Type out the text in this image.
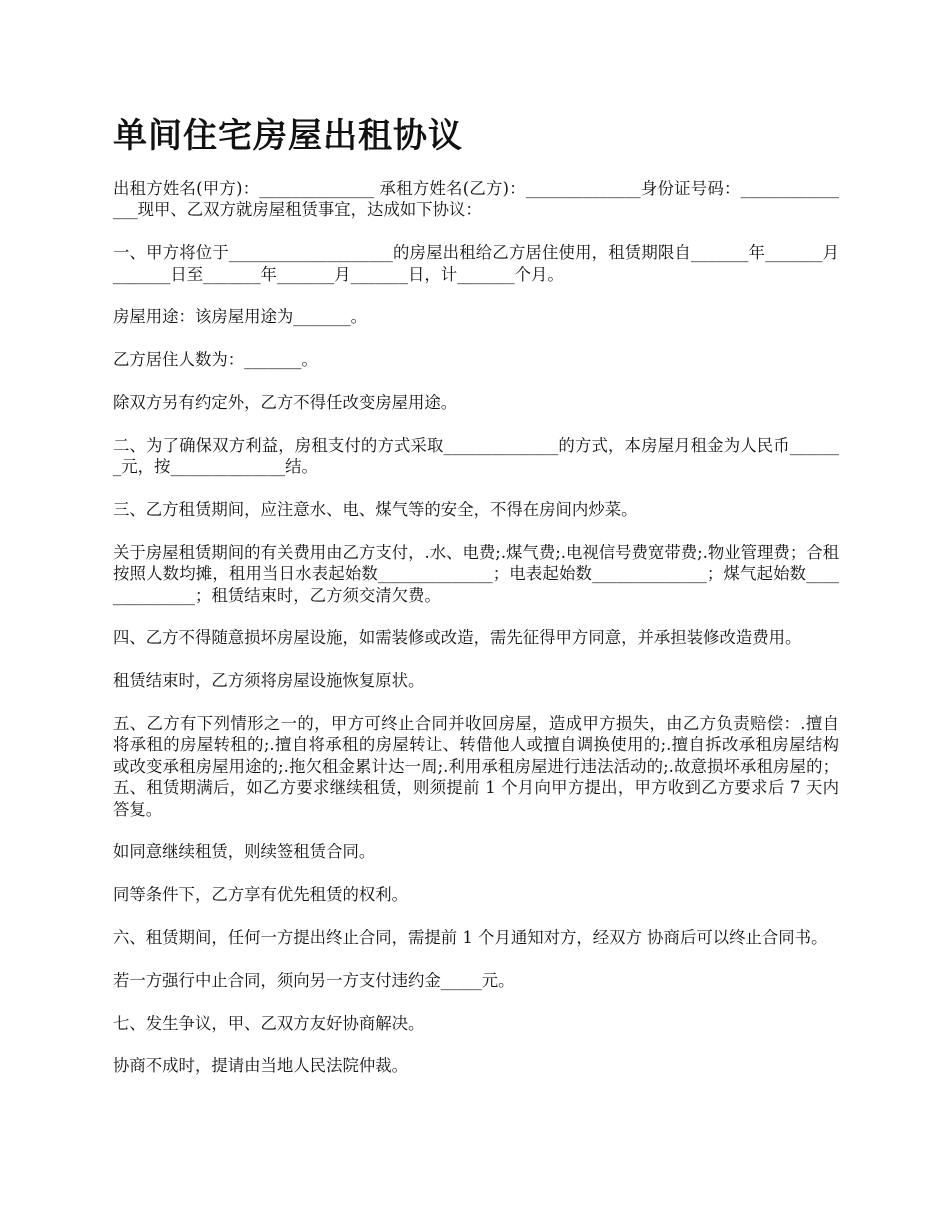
单间住宅房屋出租协议

出租方姓名(甲方)：______________ 承租方姓名(乙方)：______________身份证号码：_______________现甲、乙双方就房屋租赁事宜，达成如下协议：

一、甲方将位于____________________的房屋出租给乙方居住使用，租赁期限自_______年_______月_______日至_______年_______月_______日，计_______个月。

房屋用途：该房屋用途为_______。

乙方居住人数为：_______。

除双方另有约定外，乙方不得任改变房屋用途。

二、为了确保双方利益，房租支付的方式采取______________的方式，本房屋月租金为人民币_______元，按______________结。

三、乙方租赁期间，应注意水、电、煤气等的安全，不得在房间内炒菜。

关于房屋租赁期间的有关费用由乙方支付，.水、电费;.煤气费;.电视信号费宽带费;.物业管理费；合租按照人数均摊，租用当日水表起始数______________；电表起始数______________；煤气起始数______________；租赁结束时，乙方须交清欠费。

四、乙方不得随意损坏房屋设施，如需装修或改造，需先征得甲方同意，并承担装修改造费用。

租赁结束时，乙方须将房屋设施恢复原状。

五、乙方有下列情形之一的，甲方可终止合同并收回房屋，造成甲方损失，由乙方负责赔偿：.擅自将承租的房屋转租的;.擅自将承租的房屋转让、转借他人或擅自调换使用的;.擅自拆改承租房屋结构或改变承租房屋用途的;.拖欠租金累计达一周;.利用承租房屋进行违法活动的;.故意损坏承租房屋的；五、租赁期满后，如乙方要求继续租赁，则须提前 1 个月向甲方提出，甲方收到乙方要求后 7 天内答复。

如同意继续租赁，则续签租赁合同。

同等条件下，乙方享有优先租赁的权利。

六、租赁期间，任何一方提出终止合同，需提前 1 个月通知对方，经双方 协商后可以终止合同书。

若一方强行中止合同，须向另一方支付违约金_____元。

七、发生争议，甲、乙双方友好协商解决。

协商不成时，提请由当地人民法院仲裁。
